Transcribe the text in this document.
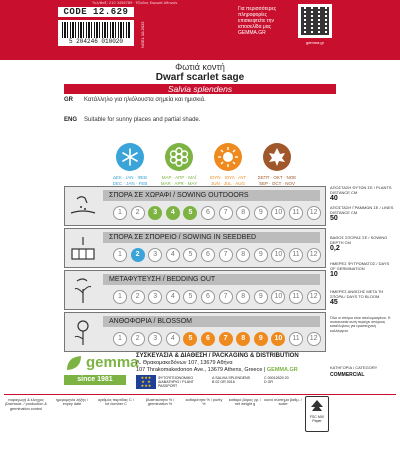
Τηλ/Φαξ: 210 3456789 · Έξοδος Κορωπί Αθηνών
CODE 12.629
5 204246 010020	NGEL 10-2022
Για περισσότερες πληροφορίες επισκεφτείτε την ιστοσελίδα μας GEMMA.GR
gemma.gr
Φωτιά κοντή
Dwarf scarlet sage
Salvia splendens
GR Κατάλληλο για ηλιόλουστα σημεία και ημισκιά.
ENG Suitable for sunny places and partial shade.
ΔΕΚ · ΙΑΝ · ΦΕΒ
DEC · JAN · FEB
ΜΑΡ · ΑΠΡ · ΜΑΪ
MAR · APR · MAY
ΙΟΥΝ · ΙΟΥΛ · ΑΥΓ
JUN · JUL · AUG
ΣΕΠΤ · ΟΚΤ · ΝΟΕ
SEP · OCT · NOV
ΣΠΟΡΑ ΣΕ ΧΩΡΑΦΙ / SOWING OUTDOORS
1	2	3	4	5	6	7	8	9	10	11	12
ΣΠΟΡΑ ΣΕ ΣΠΟΡΕΙΟ / SOWING IN SEEDBED
1	2	3	4	5	6	7	8	9	10	11	12
ΜΕΤΑΦΥΤΕΥΣΗ / BEDDING OUT
1	2	3	4	5	6	7	8	9	10	11	12
ΑΝΘΟΦΟΡΙΑ / BLOSSOM
1	2	3	4	5	6	7	8	9	10	11	12
ΑΠΟΣΤΑΣΗ ΦΥΤΩΝ ΣΕ / PLANTS DISTANCE CM
40
ΑΠΟΣΤΑΣΗ ΓΡΑΜΜΩΝ ΣΕ / LINES DISTANCE CM
50
ΒΑΘΟΣ ΣΠΟΡΑΣ ΣΕ / SOWING DEPTH CM
0,2
ΗΜΕΡΕΣ ΦΥΤΡΩΜΑΤΟΣ / DAYS OF GERMINATION
10
ΗΜΕΡΕΣ ΑΝΘΙΣΗΣ ΜΕΤΑ ΤΗ ΣΠΟΡΑ / DAYS TO BLOOM
45
Όλοι οι σπόροι είναι απολυμασμένοι. Η συσκευασία αυτή περιέχει σπόρους κατάλληλους για ερασιτεχνική καλλιέργεια.
ΚΑΤΗΓΟΡΙΑ / CATEGORY
COMMERCIAL
gemma
since 1981
ΣΥΣΚΕΥΑΣΙΑ & ΔΙΑΘΕΣΗ / PACKAGING & DISTRIBUTION
Λ. Θρακομακεδόνων 107, 13679 Αθήνα
107 Thrakomakedonon Ave., 13679 Athens, Greece | GEMMA.GR
★★★
★  ★
★★★
ΦΥΤΟΫΓΕΙΟΝΟΜΙΚΟ ΔΙΑΒΑΤΗΡΙΟ / PLANT PASSPORT
A SALVIA SPLENDENS
B 02 GR 0016
C 00012629 20
D GR
παραγωγή & έλεγχος βλαστικότ. / production & germination control
ημερομηνία λήξης / expiry date
αριθμός παρτίδας C / lot number C
βλαστικότητα % / germination %
καθαρότητα % / purity %
καθαρό βάρος γρ. / net weight g
κοινό σύστημα βαθμ. / scale
FSC MIX Paper
